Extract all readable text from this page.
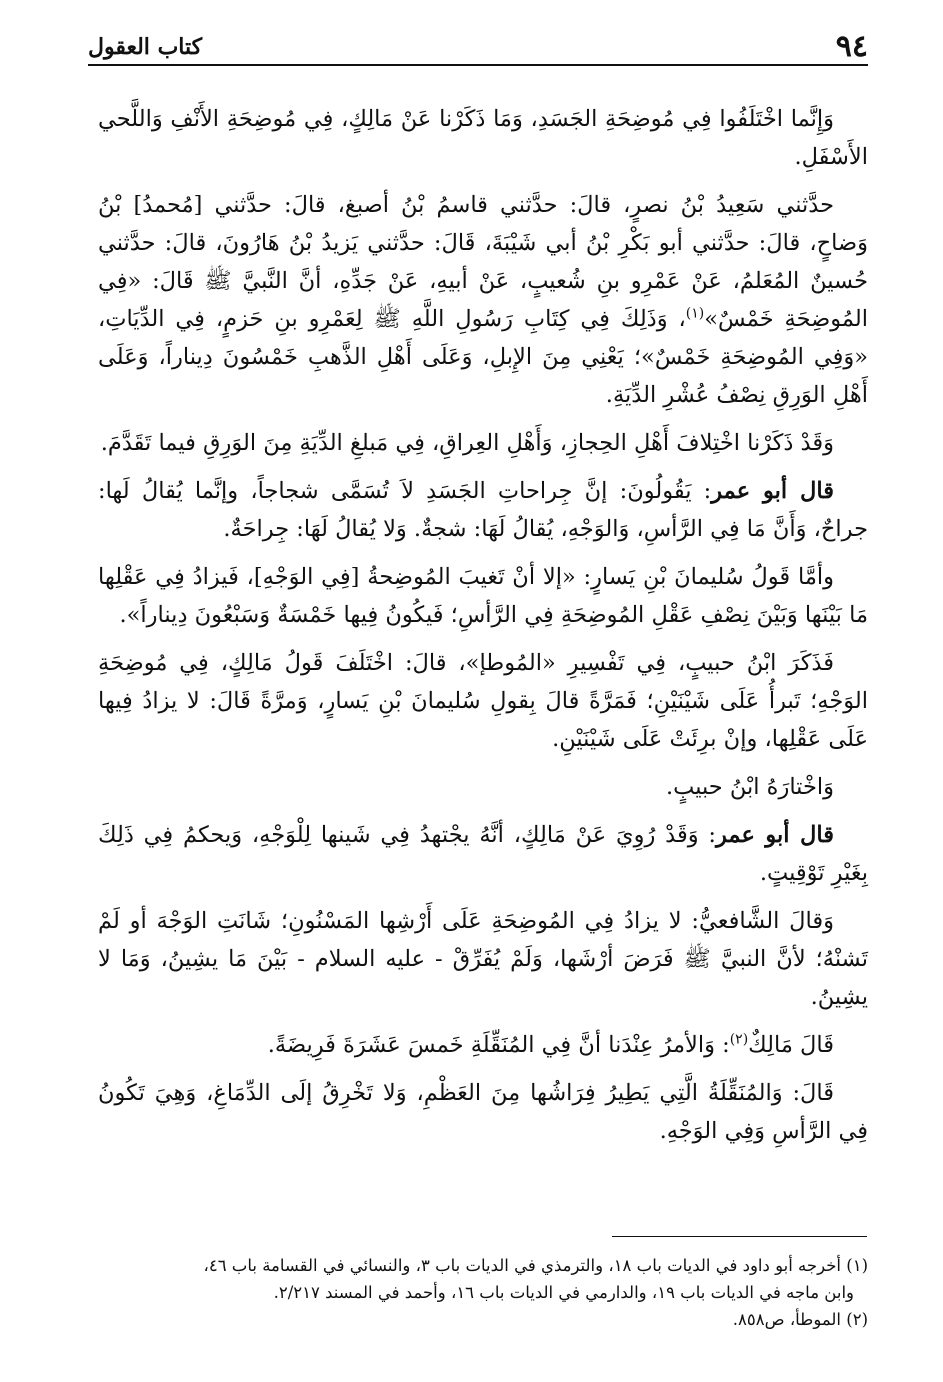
٩٤
كتاب العقول

وَإِنَّما اخْتَلَفُوا فِي مُوضِحَةِ الجَسَدِ، وَمَا ذَكَرْنا عَنْ مَالِكٍ، فِي مُوضِحَةِ الأَنْفِ وَاللَّحي الأَسْفَلِ.

حدَّثني سَعِيدُ بْنُ نصرٍ، قالَ: حدَّثني قاسمُ بْنُ أصبغ، قالَ: حدَّثني [مُحمدُ] بْنُ وَضاحٍ، قالَ: حدَّثني أبو بَكْرِ بْنُ أبي شَيْبَةَ، قَالَ: حدَّثني يَزيدُ بْنُ هَارُونَ، قالَ: حدَّثني حُسينٌ المُعَلمُ، عَنْ عَمْرِو بنِ شُعيبٍ، عَنْ أبيهِ، عَنْ جَدِّهِ، أنَّ النَّبيَّ ﷺ قَالَ: «فِي المُوضِحَةِ خَمْسٌ»$^{(١)}$، وَذَلِكَ فِي كِتَابِ رَسُولِ اللَّهِ ﷺ لِعَمْرِو بنِ حَزمٍ، فِي الدِّيَاتِ، «وَفِي المُوضِحَةِ خَمْسٌ»؛ يَعْنِي مِنَ الإِبلِ، وَعَلَى أَهْلِ الذَّهبِ خَمْسُونَ دِيناراً، وَعَلَى أَهْلِ الوَرِقِ نِصْفُ عُشْرِ الدِّيَةِ.

وَقَدْ ذَكَرْنا اخْتِلافَ أَهْلِ الحِجازِ، وَأَهْلِ العِراقِ، فِي مَبلغِ الدِّيَةِ مِنَ الوَرِقِ فيما تَقَدَّمَ.

قال أبو عمر: يَقُولُونَ: إنَّ جِراحاتِ الجَسَدِ لاَ تُسَمَّى شجاجاً، وإنَّما يُقالُ لَها: جراحٌ، وَأَنَّ مَا فِي الرَّأسِ، وَالوَجْهِ، يُقالُ لَهَا: شجةٌ. وَلا يُقالُ لَهَا: جِراحَةٌ.

وأمَّا قَولُ سُليمانَ بْنِ يَسارٍ: «إلا أنْ تَغيبَ المُوضِحةُ [فِي الوَجْهِ]، فَيزادُ فِي عَقْلِها مَا بَيْنَها وَبَيْنَ نِصْفِ عَقْلِ المُوضِحَةِ فِي الرَّأسِ؛ فَيكُونُ فِيها خَمْسَةٌ وَسَبْعُونَ دِيناراً».

فَذَكَرَ ابْنُ حبيبٍ، فِي تَفْسِيرِ «المُوطإ»، قالَ: اخْتَلَفَ قَولُ مَالِكٍ، فِي مُوضِحَةِ الوَجْهِ؛ تَبرأُ عَلَى شَيْنَيْنِ؛ فَمَرَّةً قالَ بِقولِ سُليمانَ بْنِ يَسارٍ، وَمرَّةً قَالَ: لا يزادُ فِيها عَلَى عَقْلِها، وإنْ برِئَتْ عَلَى شَيْنَيْنِ.

وَاخْتارَهُ ابْنُ حبيبٍ.

قال أبو عمر: وَقَدْ رُوِيَ عَنْ مَالِكٍ، أنَّهُ يجْتهدُ فِي شَينها لِلْوَجْهِ، وَيحكمُ فِي ذَلِكَ بِغَيْرِ تَوْقِيتٍ.

وَقالَ الشَّافعيُّ: لا يزادُ فِي المُوضِحَةِ عَلَى أَرْشِها المَسْنُونِ؛ شَانَتِ الوَجْهَ أو لَمْ تَشنْهُ؛ لأنَّ النبيَّ ﷺ فَرَضَ أرْشَها، وَلَمْ يُفَرِّقْ - عليه السلام - بَيْنَ مَا يشِينُ، وَمَا لا يشِينُ.

قَالَ مَالِكٌ$^{(٢)}$: وَالأمرُ عِنْدَنا أنَّ فِي المُنَقِّلَةِ خَمسَ عَشَرَةَ فَرِيضَةً.

قَالَ: وَالمُنَقِّلَةُ الَّتِي يَطِيرُ فِرَاشُها مِنَ العَظْمِ، وَلا تَخْرِقُ إلَى الدِّمَاغِ، وَهِيَ تَكُونُ فِي الرَّأسِ وَفِي الوَجْهِ.

(١) أخرجه أبو داود في الديات باب ١٨، والترمذي في الديات باب ٣، والنسائي في القسامة باب ٤٦،

وابن ماجه في الديات باب ١٩، والدارمي في الديات باب ١٦، وأحمد في المسند ٢/٢١٧.

(٢) الموطأ، ص٨٥٨.
